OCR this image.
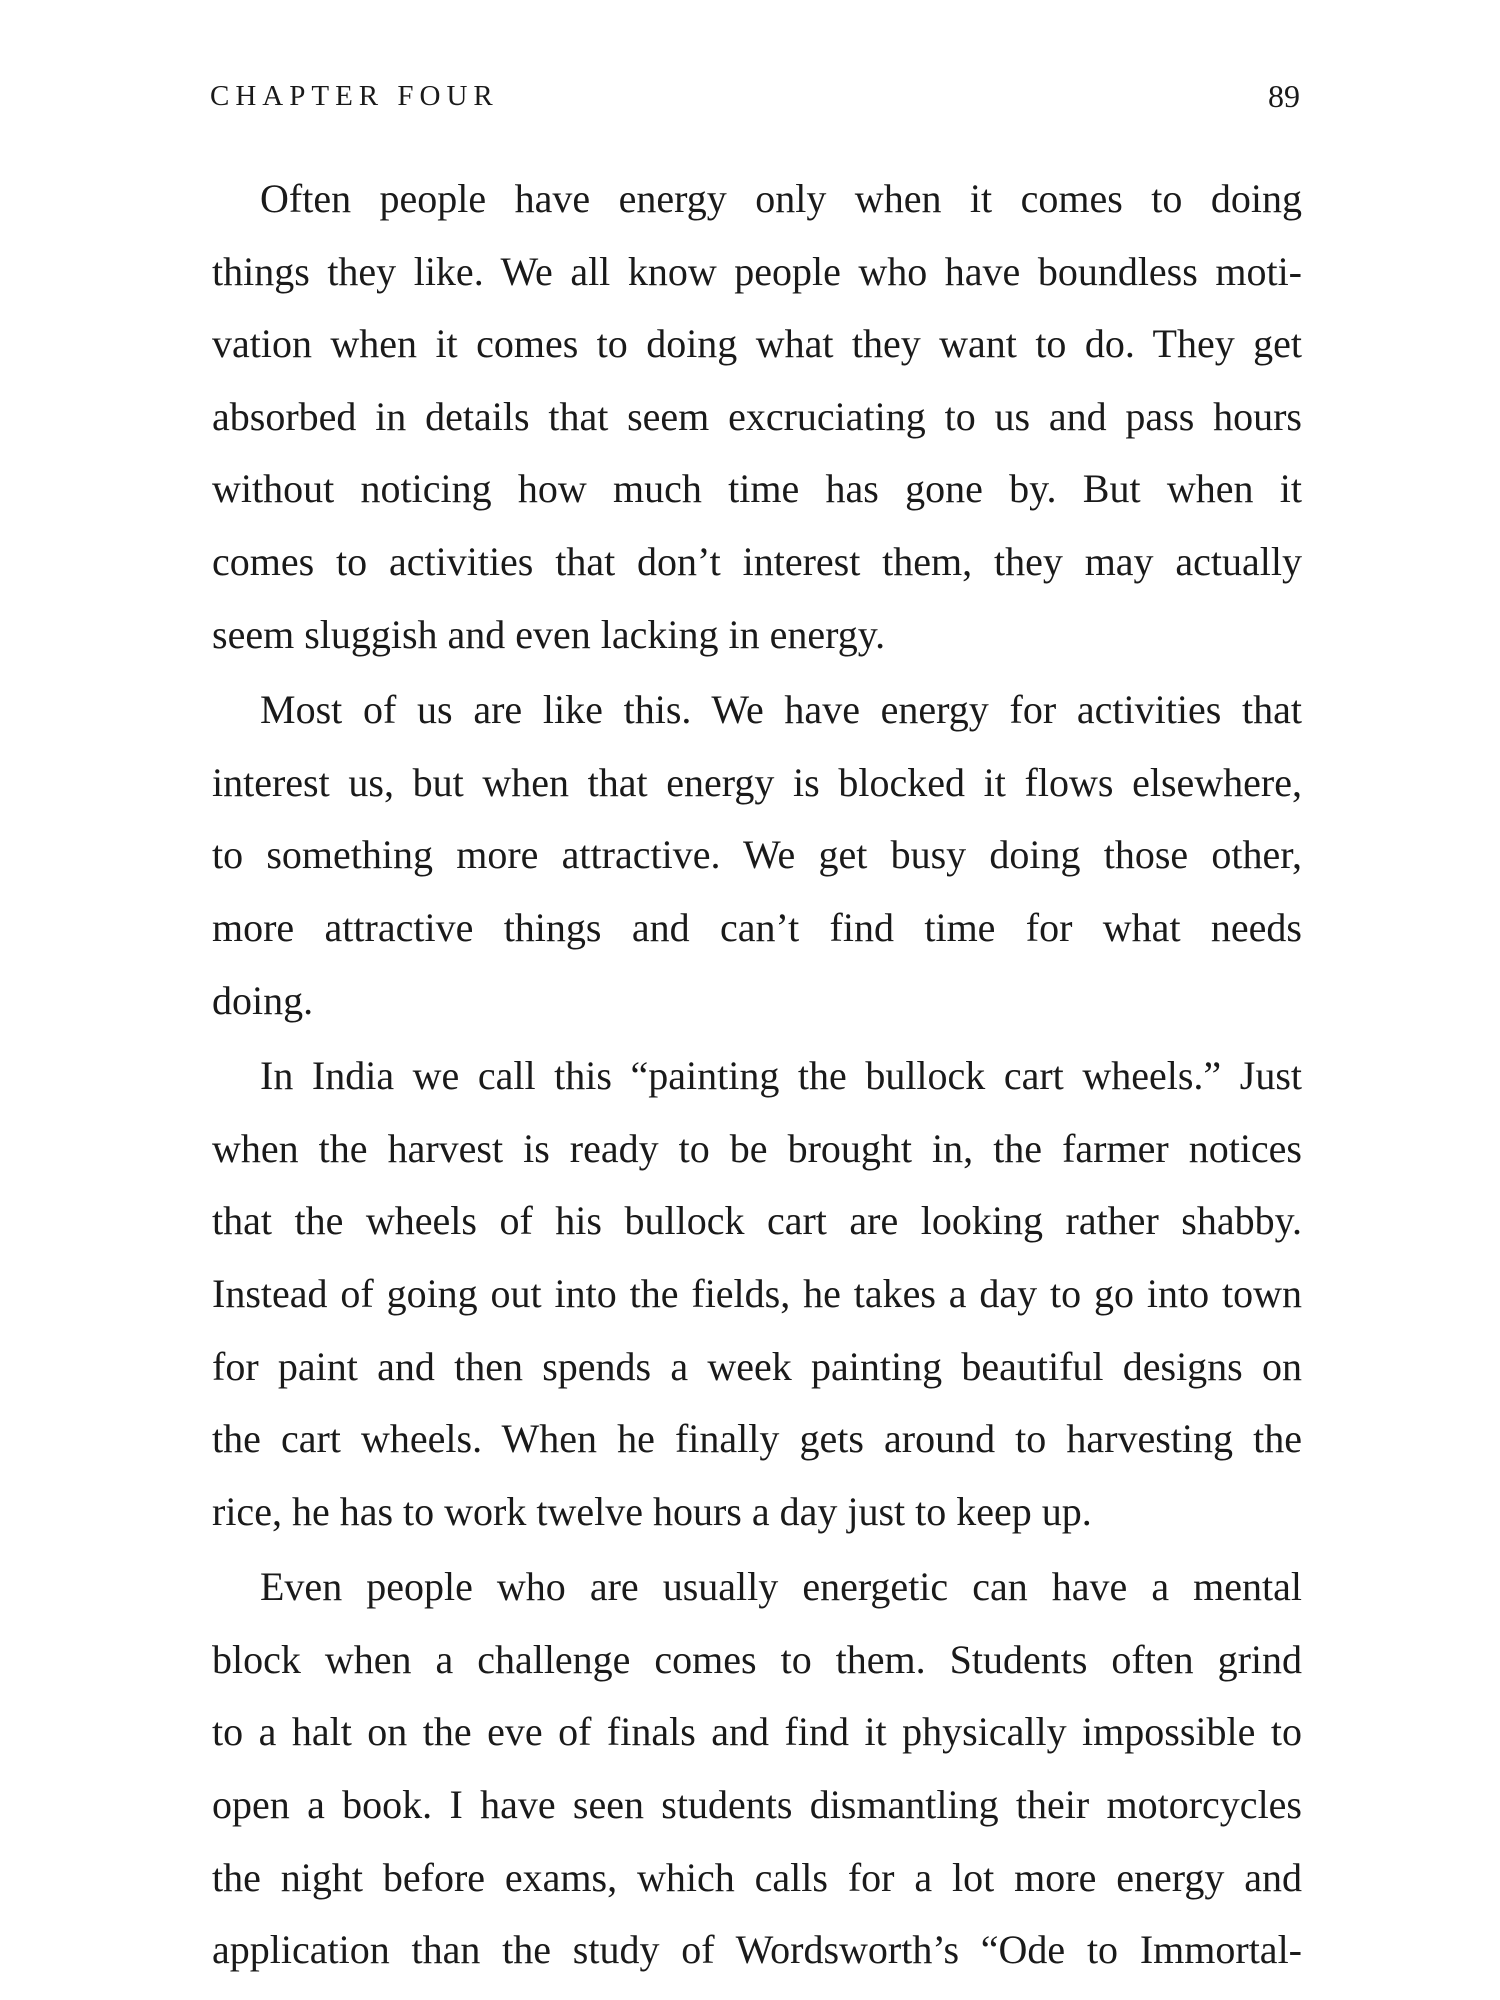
CHAPTER FOUR	89

Often people have energy only when it comes to doing
things they like. We all know people who have boundless moti-
vation when it comes to doing what they want to do. They get
absorbed in details that seem excruciating to us and pass hours
without noticing how much time has gone by. But when it
comes to activities that don’t interest them, they may actually
seem sluggish and even lacking in energy.

Most of us are like this. We have energy for activities that
interest us, but when that energy is blocked it flows elsewhere,
to something more attractive. We get busy doing those other,
more attractive things and can’t find time for what needs
doing.

In India we call this “painting the bullock cart wheels.” Just
when the harvest is ready to be brought in, the farmer notices
that the wheels of his bullock cart are looking rather shabby.
Instead of going out into the fields, he takes a day to go into town
for paint and then spends a week painting beautiful designs on
the cart wheels. When he finally gets around to harvesting the
rice, he has to work twelve hours a day just to keep up.

Even people who are usually energetic can have a mental
block when a challenge comes to them. Students often grind
to a halt on the eve of finals and find it physically impossible to
open a book. I have seen students dismantling their motorcycles
the night before exams, which calls for a lot more energy and
application than the study of Wordsworth’s “Ode to Immortal-
